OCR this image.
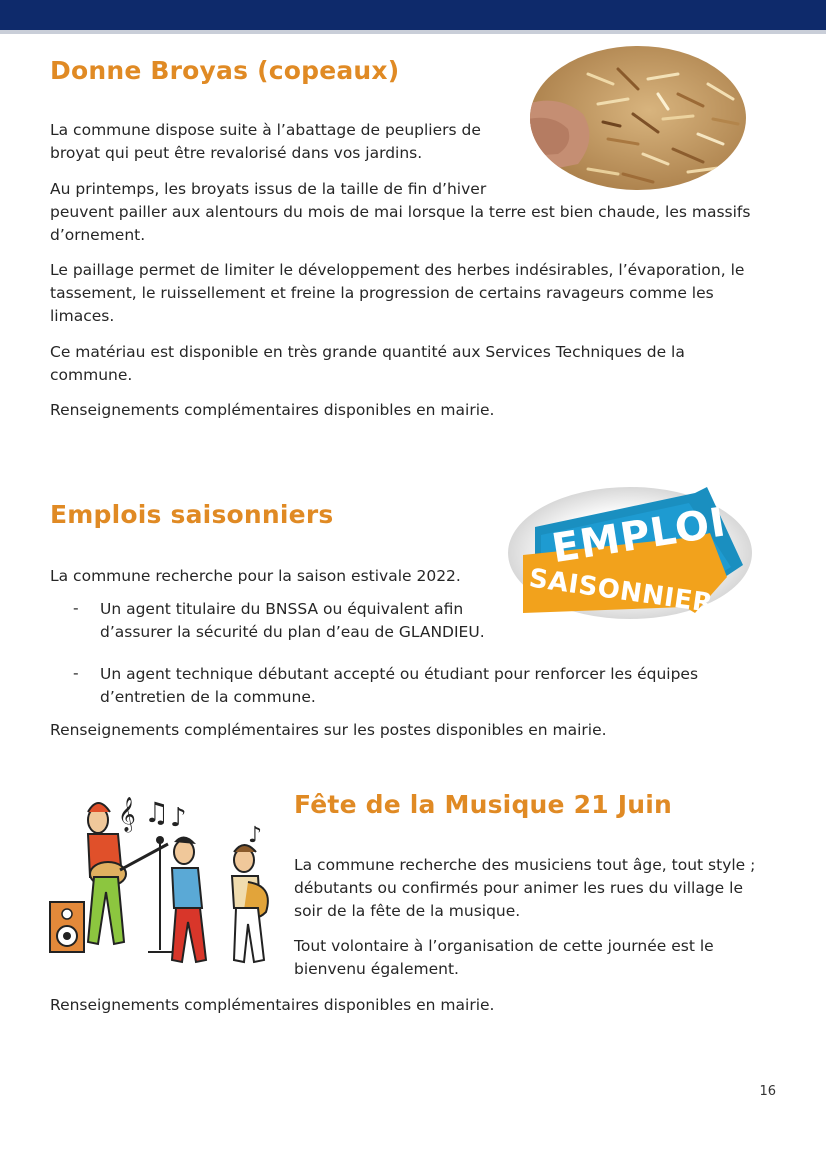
Donne Broyas (copeaux)

La commune dispose suite à l’abattage de peupliers de broyat qui peut être revalorisé dans vos jardins.

Au printemps, les broyats issus de la taille de fin d’hiver

peuvent pailler aux alentours du mois de mai lorsque la terre est bien chaude, les massifs d’ornement.

Le paillage permet de limiter le développement des herbes indésirables, l’évaporation, le tassement, le ruissellement et freine la progression de certains ravageurs comme les limaces.

Ce matériau est disponible en très grande quantité aux Services Techniques de la commune.

Renseignements complémentaires disponibles en mairie.

Emplois saisonniers	EMPLOI
SAISONNIER

La commune recherche pour la saison estivale 2022.

- Un agent titulaire du BNSSA ou équivalent afin

d’assurer la sécurité du plan d’eau de GLANDIEU.

- Un agent technique débutant accepté ou étudiant pour renforcer les équipes

d’entretien de la commune.

Renseignements complémentaires sur les postes disponibles en mairie.

𝄞 ♫ ♪
♪
Fête de la Musique 21 Juin

La commune recherche des musiciens tout âge, tout style ; débutants ou confirmés pour animer les rues du village le soir de la fête de la musique.

Tout volontaire à l’organisation de cette journée est le bienvenu également.

Renseignements complémentaires disponibles en mairie.

16
